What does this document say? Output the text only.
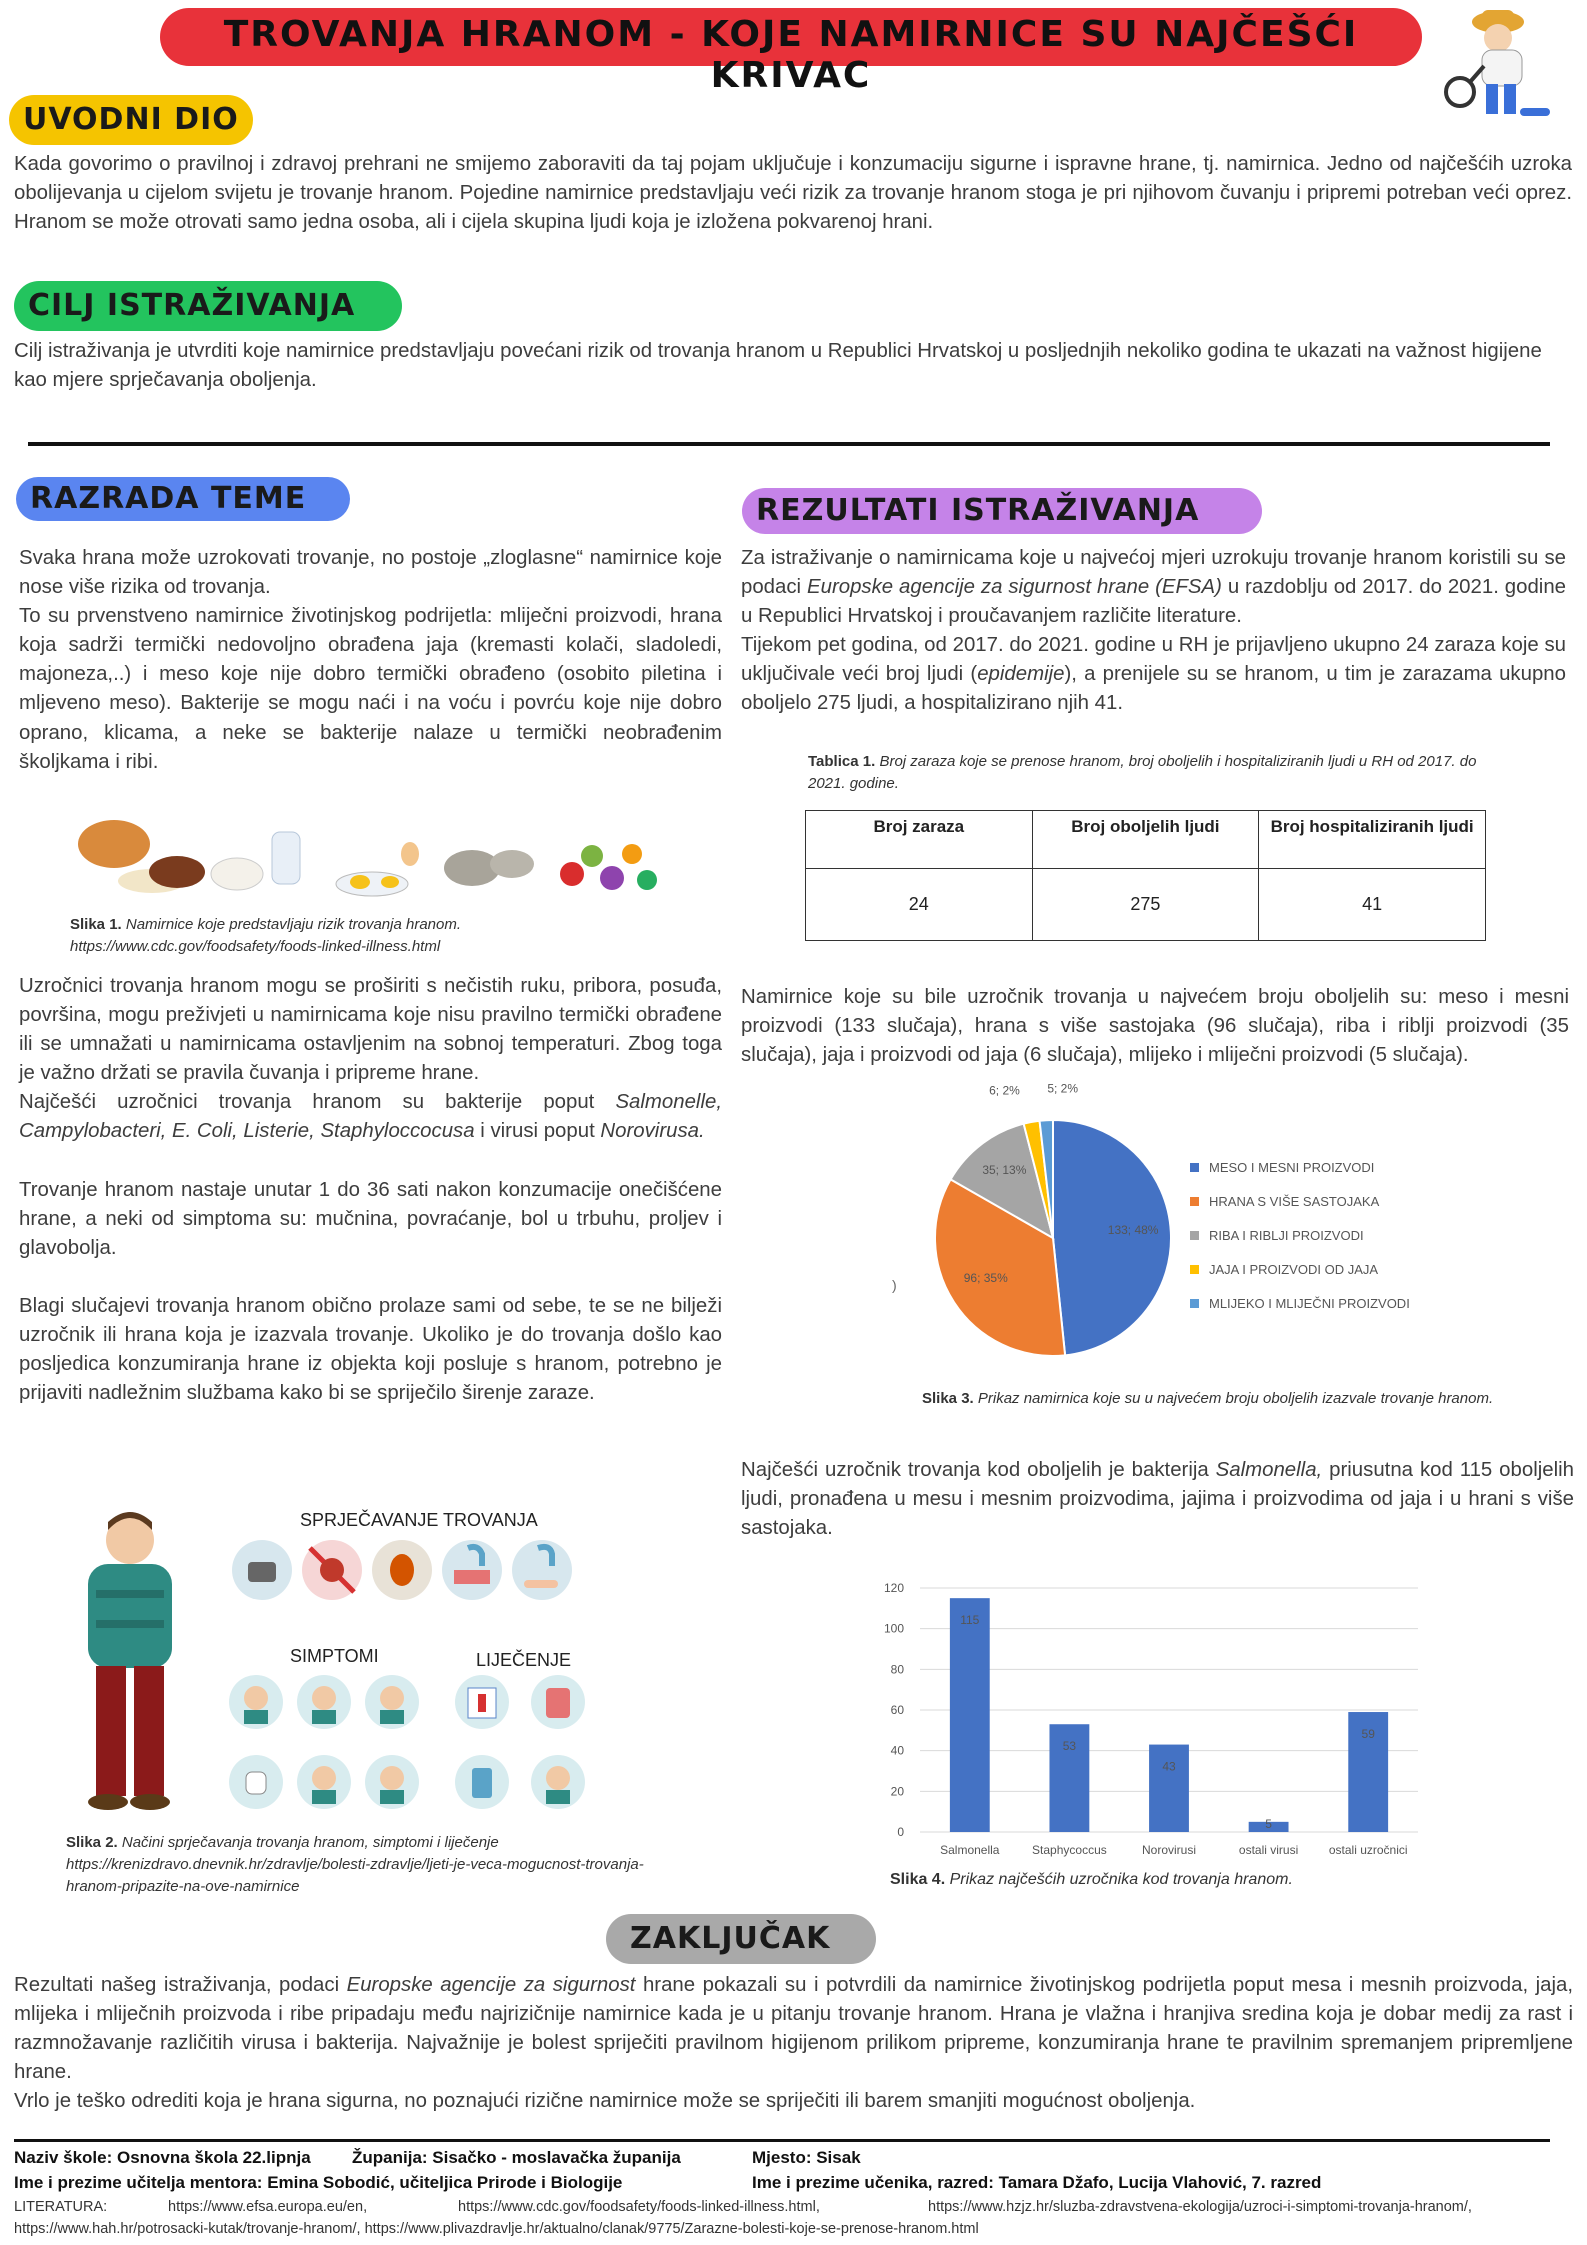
TROVANJA HRANOM - KOJE NAMIRNICE SU NAJČEŠĆI KRIVAC
UVODNI DIO

Kada govorimo o pravilnoj i zdravoj prehrani ne smijemo zaboraviti da taj pojam uključuje i konzumaciju sigurne i ispravne hrane, tj. namirnica. Jedno od najčešćih uzroka obolijevanja u cijelom svijetu je trovanje hranom. Pojedine namirnice predstavljaju veći rizik za trovanje hranom stoga je pri njihovom čuvanju i pripremi potreban veći oprez. Hranom se može otrovati samo jedna osoba, ali i cijela skupina ljudi koja je izložena pokvarenoj hrani.

CILJ ISTRAŽIVANJA

Cilj istraživanja je utvrditi koje namirnice predstavljaju povećani rizik od trovanja hranom u Republici Hrvatskoj u posljednjih nekoliko godina te ukazati na važnost higijene kao mjere sprječavanja oboljenja.

RAZRADA TEME
Svaka hrana može uzrokovati trovanje, no postoje „zloglasne“ namirnice koje nose više rizika od trovanja.
To su prvenstveno namirnice životinjskog podrijetla: mliječni proizvodi, hrana koja sadrži termički nedovoljno obrađena jaja (kremasti kolači, sladoledi, majoneza,..) i meso koje nije dobro termički obrađeno (osobito piletina i mljeveno meso). Bakterije se mogu naći i na voću i povrću koje nije dobro oprano, klicama, a neke se bakterije nalaze u termički neobrađenim školjkama i ribi.
Slika 1. Namirnice koje predstavljaju rizik trovanja hranom.
https://www.cdc.gov/foodsafety/foods-linked-illness.html
Uzročnici trovanja hranom mogu se proširiti s nečistih ruku, pribora, posuđa, površina, mogu preživjeti u namirnicama koje nisu pravilno termički obrađene ili se umnažati u namirnicama ostavljenim na sobnoj temperaturi. Zbog toga je važno držati se pravila čuvanja i pripreme hrane.
Najčešći uzročnici trovanja hranom su bakterije poput Salmonelle, Campylobacteri, E. Coli, Listerie, Staphyloccocusa i virusi poput Norovirusa.

Trovanje hranom nastaje unutar 1 do 36 sati nakon konzumacije onečišćene hrane, a neki od simptoma su: mučnina, povraćanje, bol u trbuhu, proljev i glavobolja.

Blagi slučajevi trovanja hranom obično prolaze sami od sebe, te se ne bilježi uzročnik ili hrana koja je izazvala trovanje. Ukoliko je do trovanja došlo kao posljedica konzumiranja hrane iz objekta koji posluje s hranom, potrebno je prijaviti nadležnim službama kako bi se spriječilo širenje zaraze.
SPRJEČAVANJE TROVANJA
SIMPTOMI	LIJEČENJE
Slika 2. Načini sprječavanja trovanja hranom, simptomi i liječenje
https://krenizdravo.dnevnik.hr/zdravlje/bolesti-zdravlje/ljeti-je-veca-mogucnost-trovanja-
hranom-pripazite-na-ove-namirnice
REZULTATI ISTRAŽIVANJA

Za istraživanje o namirnicama koje u najvećoj mjeri uzrokuju trovanje hranom koristili su se podaci Europske agencije za sigurnost hrane (EFSA) u razdoblju od 2017. do 2021. godine u Republici Hrvatskoj i proučavanjem različite literature.
Tijekom pet godina, od 2017. do 2021. godine u RH je prijavljeno ukupno 24 zaraza koje su uključivale veći broj ljudi (epidemije), a prenijele su se hranom, u tim je zarazama ukupno oboljelo 275 ljudi, a hospitalizirano njih 41.

Tablica 1. Broj zaraza koje se prenose hranom, broj oboljelih i hospitaliziranih ljudi u RH od 2017. do 2021. godine.
Broj zaraza	Broj oboljelih ljudi	Broj hospitaliziranih ljudi
24	275	41

Namirnice koje su bile uzročnik trovanja u najvećem broju oboljelih su: meso i mesni proizvodi (133 slučaja), hrana s više sastojaka (96 slučaja), riba i riblji proizvodi (35 slučaja), jaja i proizvodi od jaja (6 slučaja), mlijeko i mliječni proizvodi (5 slučaja).

133; 48%
96; 35%
35; 13%
6; 2% 5; 2%
)
MESO I MESNI PROIZVODI
HRANA S VIŠE SASTOJAKA
RIBA I RIBLJI PROIZVODI
JAJA I PROIZVODI OD JAJA
MLIJEKO I MLIJEČNI PROIZVODI
Slika 3. Prikaz namirnica koje su u najvećem broju oboljelih izazvale trovanje hranom.

Najčešći uzročnik trovanja kod oboljelih je bakterija Salmonella, priusutna kod 115 oboljelih ljudi, pronađena u mesu i mesnim proizvodima, jajima i proizvodima od jaja i u hrani s više sastojaka.

0
20
40
60
80
100
120
115
Salmonella
53
Staphycoccus
43
Norovirusi
5
ostali virusi
59
ostali uzročnici
Slika 4. Prikaz najčešćih uzročnika kod trovanja hranom.
ZAKLJUČAK
Rezultati našeg istraživanja, podaci Europske agencije za sigurnost hrane pokazali su i potvrdili da namirnice životinjskog podrijetla poput mesa i mesnih proizvoda, jaja, mlijeka i mliječnih proizvoda i ribe pripadaju među najrizičnije namirnice kada je u pitanju trovanje hranom. Hrana je vlažna i hranjiva sredina koja je dobar medij za rast i razmnožavanje različitih virusa i bakterija. Najvažnije je bolest spriječiti pravilnom higijenom prilikom pripreme, konzumiranja hrane te pravilnim spremanjem pripremljene hrane.
Vrlo je teško odrediti koja je hrana sigurna, no poznajući rizične namirnice može se spriječiti ili barem smanjiti mogućnost oboljenja.
Naziv škole: Osnovna škola 22.lipnja Županija: Sisačko - moslavačka županija	Mjesto: Sisak
Ime i prezime učitelja mentora: Emina Sobodić, učiteljica Prirode i Biologije	Ime i prezime učenika, razred: Tamara Džafo, Lucija Vlahović, 7. razred
LITERATURA:	https://www.efsa.europa.eu/en,	https://www.cdc.gov/foodsafety/foods-linked-illness.html,	https://www.hzjz.hr/sluzba-zdravstvena-ekologija/uzroci-i-simptomi-trovanja-hranom/,
https://www.hah.hr/potrosacki-kutak/trovanje-hranom/, https://www.plivazdravlje.hr/aktualno/clanak/9775/Zarazne-bolesti-koje-se-prenose-hranom.html
